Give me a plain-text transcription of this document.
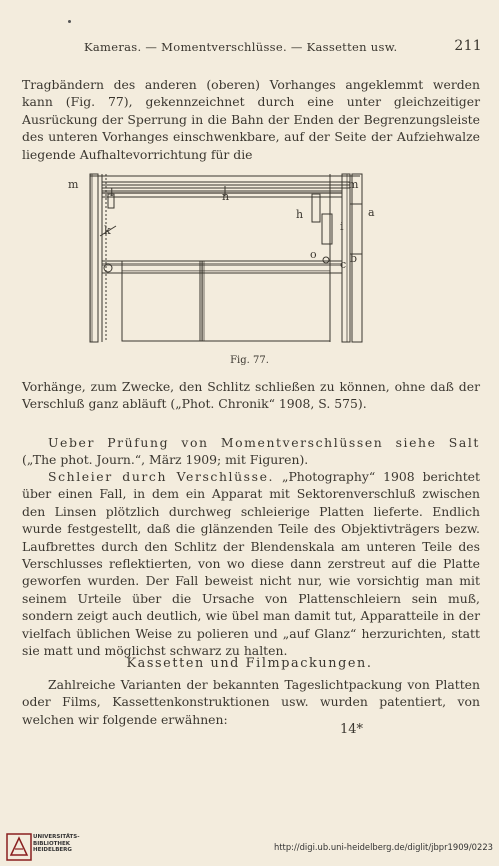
Kameras. — Momentverschlüsse. — Kassetten usw.	211

Tragbändern des anderen (oberen) Vorhanges angeklemmt werden kann (Fig. 77), gekennzeichnet durch eine unter gleichzeitiger Ausrückung der Sperrung in die Bahn der Enden der Begrenzungsleiste des unteren Vorhanges einschwenkbare, auf der Seite der Aufziehwalze liegende Aufhaltevorrichtung für die

m
l	n
m
a
h
i
k
o
c b
Fig. 77.

Vorhänge, zum Zwecke, den Schlitz schließen zu können, ohne daß der Verschluß ganz abläuft („Phot. Chronik“ 1908, S. 575).

Ueber Prüfung von Momentverschlüssen siehe Salt („The phot. Journ.“, März 1909; mit Figuren).

Schleier durch Verschlüsse. „Photography“ 1908 berichtet über einen Fall, in dem ein Apparat mit Sektorenverschluß zwischen den Linsen plötzlich durchweg schleierige Platten lieferte. Endlich wurde festgestellt, daß die glänzenden Teile des Objektivträgers bezw. Laufbrettes durch den Schlitz der Blendenskala am unteren Teile des Verschlusses reflektierten, von wo diese dann zerstreut auf die Platte geworfen wurden. Der Fall beweist nicht nur, wie vorsichtig man mit seinem Urteile über die Ursache von Plattenschleiern sein muß, sondern zeigt auch deutlich, wie übel man damit tut, Apparatteile in der vielfach üblichen Weise zu polieren und „auf Glanz“ herzurichten, statt sie matt und möglichst schwarz zu halten.

Kassetten und Filmpackungen.

Zahlreiche Varianten der bekannten Tageslichtpackung von Platten oder Films, Kassettenkonstruktionen usw. wurden patentiert, von welchen wir folgende erwähnen:

14*
UNIVERSITÄTS-
BIBLIOTHEK
HEIDELBERG	http://digi.ub.uni-heidelberg.de/diglit/jbpr1909/0223
